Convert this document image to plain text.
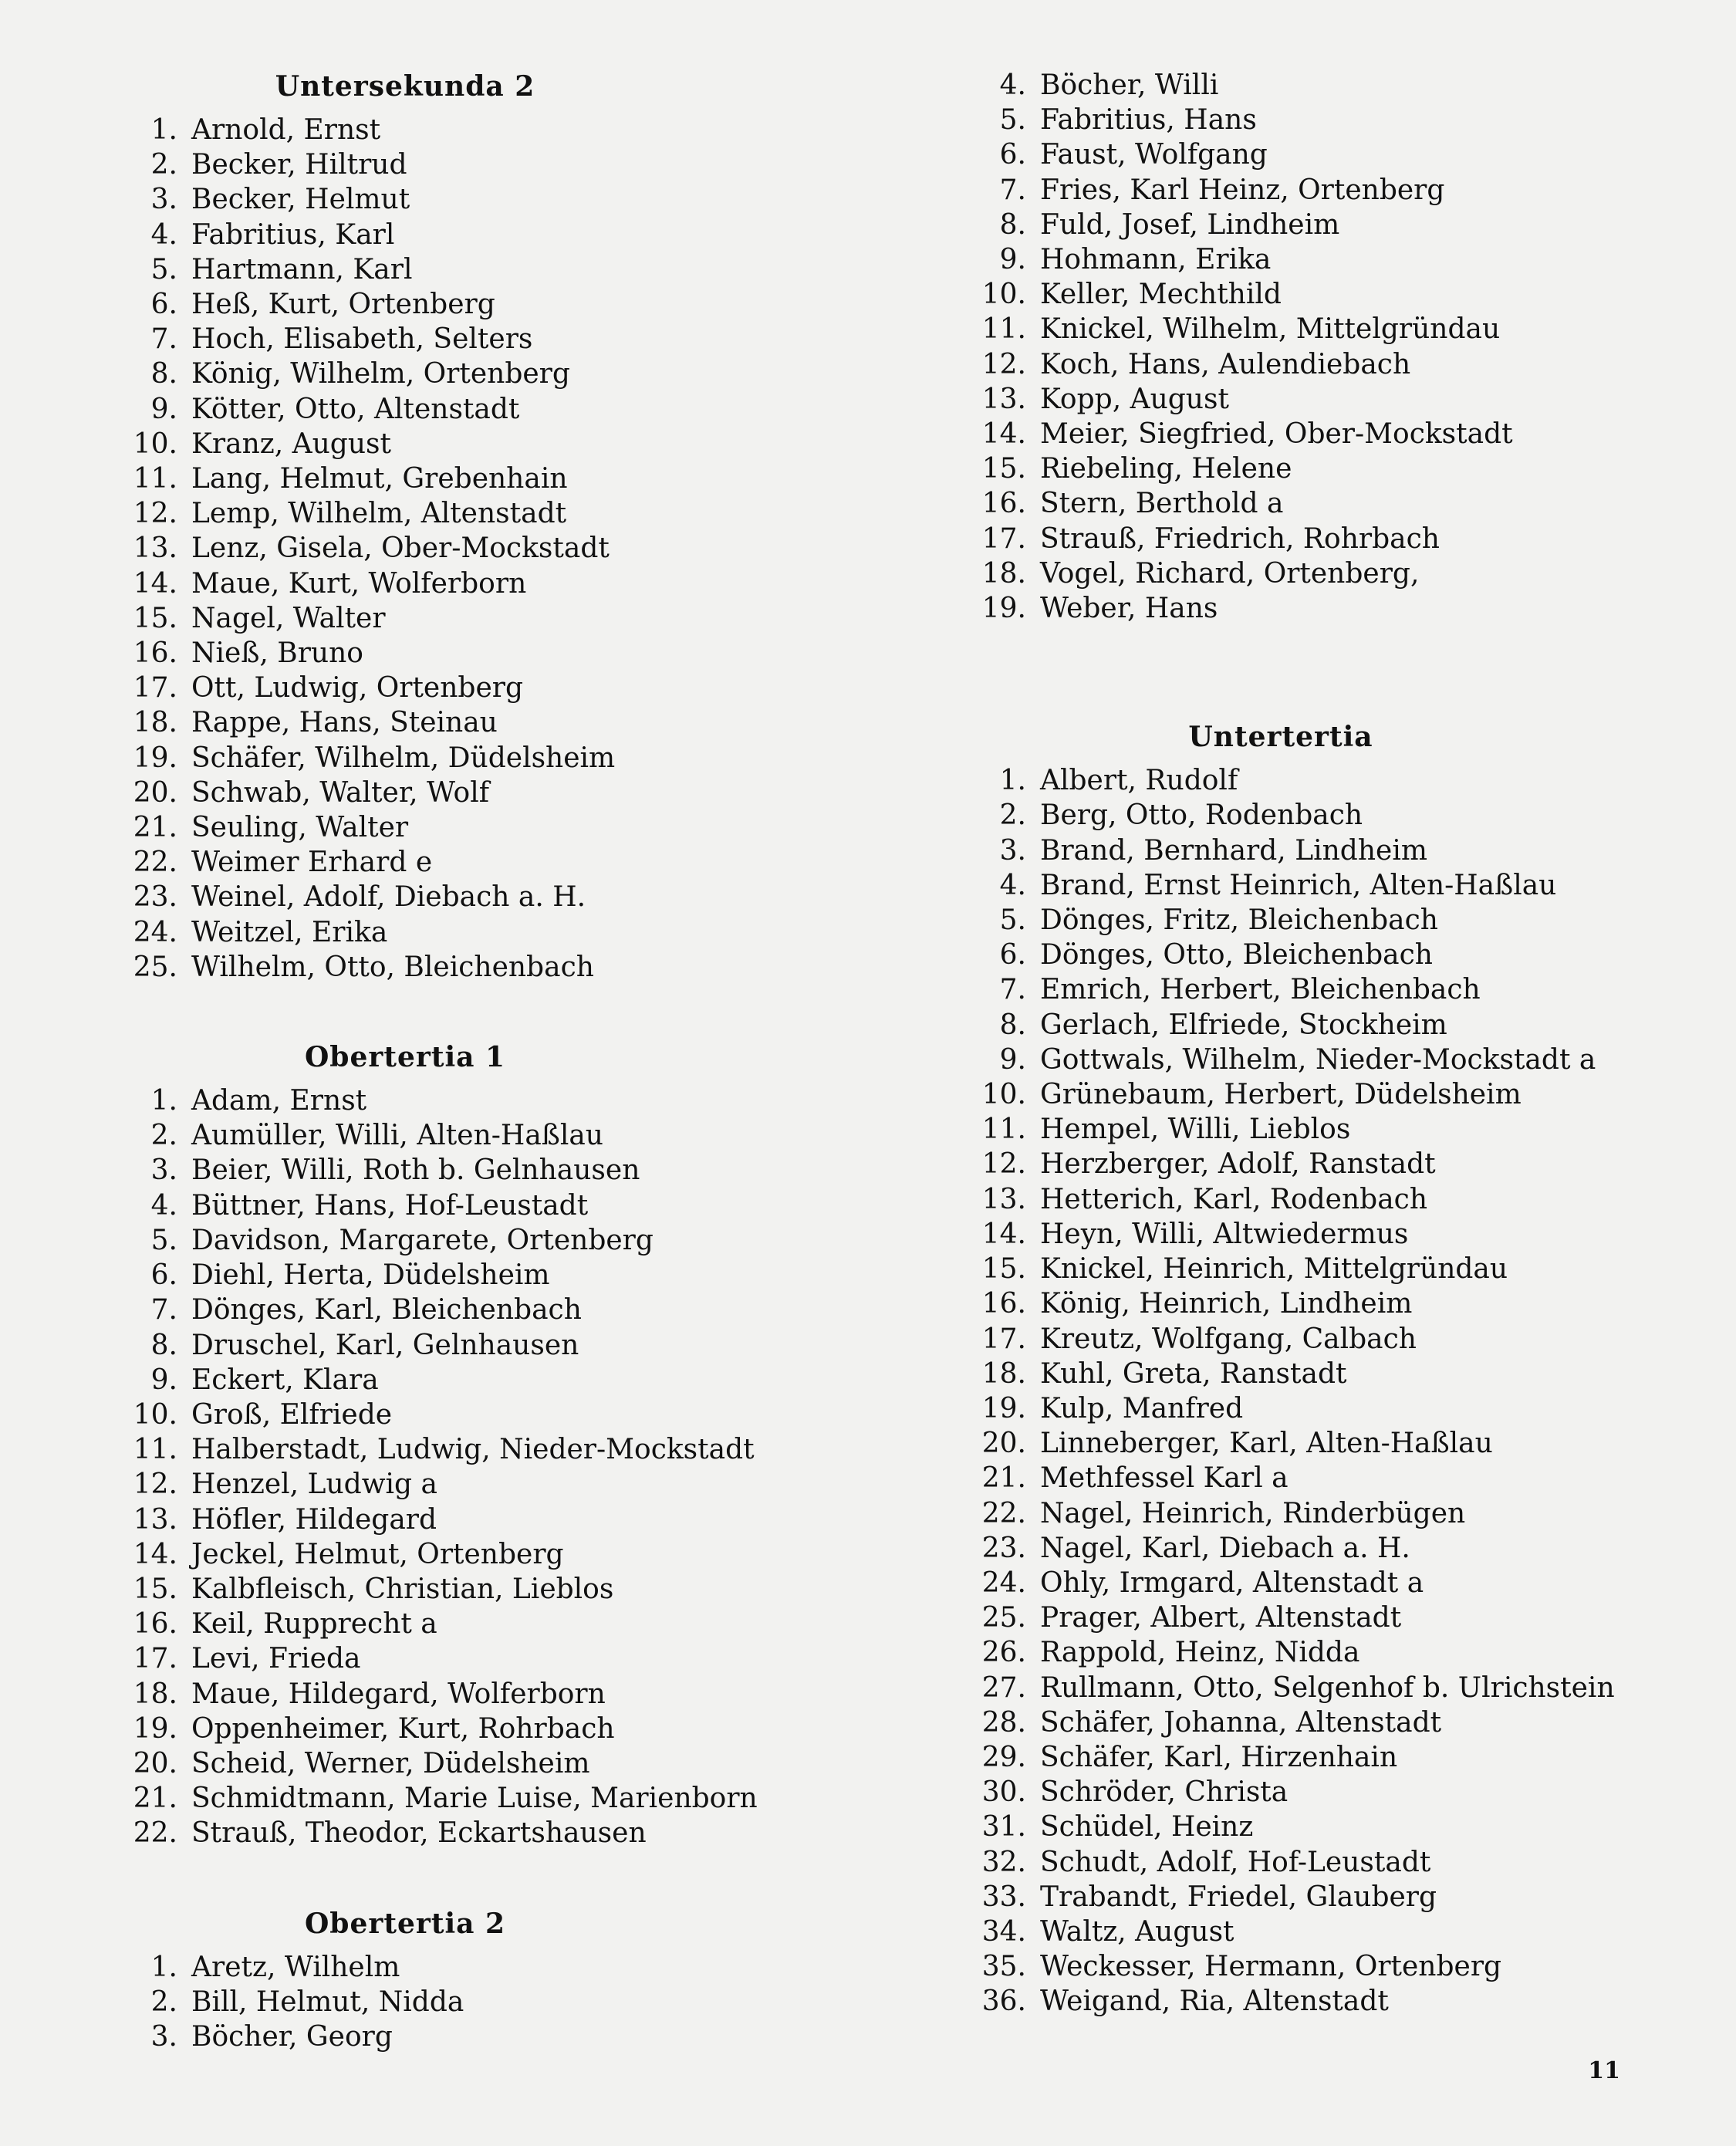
Untersekunda 2
1. Arnold, Ernst
2. Becker, Hiltrud
3. Becker, Helmut
4. Fabritius, Karl
5. Hartmann, Karl
6. Heß, Kurt, Ortenberg
7. Hoch, Elisabeth, Selters
8. König, Wilhelm, Ortenberg
9. Kötter, Otto, Altenstadt
10. Kranz, August
11. Lang, Helmut, Grebenhain
12. Lemp, Wilhelm, Altenstadt
13. Lenz, Gisela, Ober-Mockstadt
14. Maue, Kurt, Wolferborn
15. Nagel, Walter
16. Nieß, Bruno
17. Ott, Ludwig, Ortenberg
18. Rappe, Hans, Steinau
19. Schäfer, Wilhelm, Düdelsheim
20. Schwab, Walter, Wolf
21. Seuling, Walter
22. Weimer Erhard e
23. Weinel, Adolf, Diebach a. H.
24. Weitzel, Erika
25. Wilhelm, Otto, Bleichenbach
Obertertia 1
1. Adam, Ernst
2. Aumüller, Willi, Alten-Haßlau
3. Beier, Willi, Roth b. Gelnhausen
4. Büttner, Hans, Hof-Leustadt
5. Davidson, Margarete, Ortenberg
6. Diehl, Herta, Düdelsheim
7. Dönges, Karl, Bleichenbach
8. Druschel, Karl, Gelnhausen
9. Eckert, Klara
10. Groß, Elfriede
11. Halberstadt, Ludwig, Nieder-Mockstadt
12. Henzel, Ludwig a
13. Höfler, Hildegard
14. Jeckel, Helmut, Ortenberg
15. Kalbfleisch, Christian, Lieblos
16. Keil, Rupprecht a
17. Levi, Frieda
18. Maue, Hildegard, Wolferborn
19. Oppenheimer, Kurt, Rohrbach
20. Scheid, Werner, Düdelsheim
21. Schmidtmann, Marie Luise, Marienborn
22. Strauß, Theodor, Eckartshausen
Obertertia 2
1. Aretz, Wilhelm
2. Bill, Helmut, Nidda
3. Böcher, Georg
4. Böcher, Willi
5. Fabritius, Hans
6. Faust, Wolfgang
7. Fries, Karl Heinz, Ortenberg
8. Fuld, Josef, Lindheim
9. Hohmann, Erika
10. Keller, Mechthild
11. Knickel, Wilhelm, Mittelgründau
12. Koch, Hans, Aulendiebach
13. Kopp, August
14. Meier, Siegfried, Ober-Mockstadt
15. Riebeling, Helene
16. Stern, Berthold a
17. Strauß, Friedrich, Rohrbach
18. Vogel, Richard, Ortenberg,
19. Weber, Hans
Untertertia
1. Albert, Rudolf
2. Berg, Otto, Rodenbach
3. Brand, Bernhard, Lindheim
4. Brand, Ernst Heinrich, Alten-Haßlau
5. Dönges, Fritz, Bleichenbach
6. Dönges, Otto, Bleichenbach
7. Emrich, Herbert, Bleichenbach
8. Gerlach, Elfriede, Stockheim
9. Gottwals, Wilhelm, Nieder-Mockstadt a
10. Grünebaum, Herbert, Düdelsheim
11. Hempel, Willi, Lieblos
12. Herzberger, Adolf, Ranstadt
13. Hetterich, Karl, Rodenbach
14. Heyn, Willi, Altwiedermus
15. Knickel, Heinrich, Mittelgründau
16. König, Heinrich, Lindheim
17. Kreutz, Wolfgang, Calbach
18. Kuhl, Greta, Ranstadt
19. Kulp, Manfred
20. Linneberger, Karl, Alten-Haßlau
21. Methfessel Karl a
22. Nagel, Heinrich, Rinderbügen
23. Nagel, Karl, Diebach a. H.
24. Ohly, Irmgard, Altenstadt a
25. Prager, Albert, Altenstadt
26. Rappold, Heinz, Nidda
27. Rullmann, Otto, Selgenhof b. Ulrichstein
28. Schäfer, Johanna, Altenstadt
29. Schäfer, Karl, Hirzenhain
30. Schröder, Christa
31. Schüdel, Heinz
32. Schudt, Adolf, Hof-Leustadt
33. Trabandt, Friedel, Glauberg
34. Waltz, August
35. Weckesser, Hermann, Ortenberg
36. Weigand, Ria, Altenstadt
11
